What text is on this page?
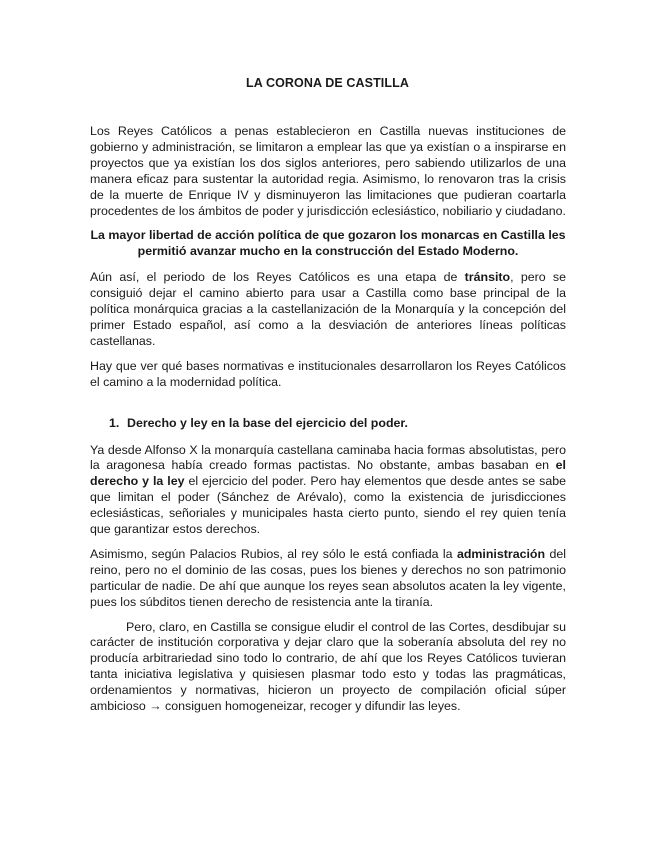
LA CORONA DE CASTILLA

Los Reyes Católicos a penas establecieron en Castilla nuevas instituciones de gobierno y administración, se limitaron a emplear las que ya existían o a inspirarse en proyectos que ya existían los dos siglos anteriores, pero sabiendo utilizarlos de una manera eficaz para sustentar la autoridad regia. Asimismo, lo renovaron tras la crisis de la muerte de Enrique IV y disminuyeron las limitaciones que pudieran coartarla procedentes de los ámbitos de poder y jurisdicción eclesiástico, nobiliario y ciudadano.

La mayor libertad de acción política de que gozaron los monarcas en Castilla les permitió avanzar mucho en la construcción del Estado Moderno.

Aún así, el periodo de los Reyes Católicos es una etapa de tránsito, pero se consiguió dejar el camino abierto para usar a Castilla como base principal de la política monárquica gracias a la castellanización de la Monarquía y la concepción del primer Estado español, así como a la desviación de anteriores líneas políticas castellanas.

Hay que ver qué bases normativas e institucionales desarrollaron los Reyes Católicos el camino a la modernidad política.

1. Derecho y ley en la base del ejercicio del poder.

Ya desde Alfonso X la monarquía castellana caminaba hacia formas absolutistas, pero la aragonesa había creado formas pactistas. No obstante, ambas basaban en el derecho y la ley el ejercicio del poder. Pero hay elementos que desde antes se sabe que limitan el poder (Sánchez de Arévalo), como la existencia de jurisdicciones eclesiásticas, señoriales y municipales hasta cierto punto, siendo el rey quien tenía que garantizar estos derechos.

Asimismo, según Palacios Rubios, al rey sólo le está confiada la administración del reino, pero no el dominio de las cosas, pues los bienes y derechos no son patrimonio particular de nadie. De ahí que aunque los reyes sean absolutos acaten la ley vigente, pues los súbditos tienen derecho de resistencia ante la tiranía.

Pero, claro, en Castilla se consigue eludir el control de las Cortes, desdibujar su carácter de institución corporativa y dejar claro que la soberanía absoluta del rey no producía arbitrariedad sino todo lo contrario, de ahí que los Reyes Católicos tuvieran tanta iniciativa legislativa y quisiesen plasmar todo esto y todas las pragmáticas, ordenamientos y normativas, hicieron un proyecto de compilación oficial súper ambicioso → consiguen homogeneizar, recoger y difundir las leyes.
